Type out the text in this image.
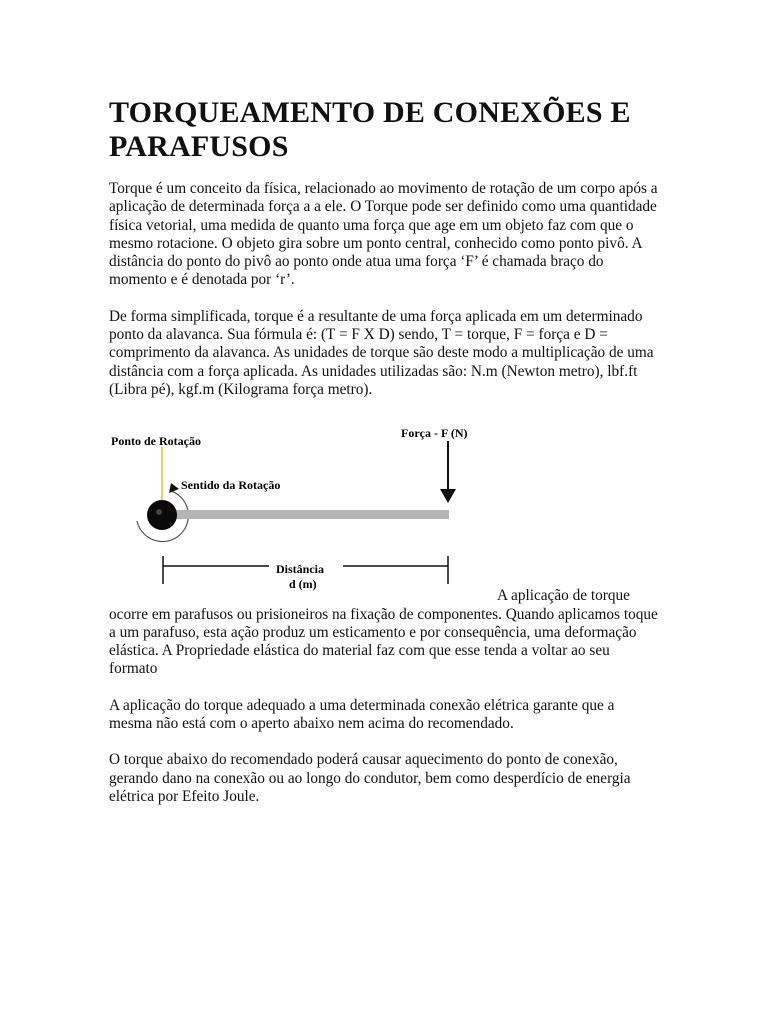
TORQUEAMENTO DE CONEXÕES E PARAFUSOS

Torque é um conceito da física, relacionado ao movimento de rotação de um corpo após a aplicação de determinada força a a ele. O Torque pode ser definido como uma quantidade física vetorial, uma medida de quanto uma força que age em um objeto faz com que o mesmo rotacione. O objeto gira sobre um ponto central, conhecido como ponto pivô. A distância do ponto do pivô ao ponto onde atua uma força ‘F’ é chamada braço do momento e é denotada por ‘r’.

De forma simplificada, torque é a resultante de uma força aplicada em um determinado ponto da alavanca. Sua fórmula é: (T = F X D) sendo, T = torque, F = força e D = comprimento da alavanca. As unidades de torque são deste modo a multiplicação de uma distância com a força aplicada. As unidades utilizadas são: N.m (Newton metro), lbf.ft (Libra pé), kgf.m (Kilograma força metro).

Ponto de Rotação
Sentido da Rotação
Força - F (N)
Distância
d (m)

A aplicação de torque
ocorre em parafusos ou prisioneiros na fixação de componentes. Quando aplicamos toque a um parafuso, esta ação produz um esticamento e por consequência, uma deformação elástica. A Propriedade elástica do material faz com que esse tenda a voltar ao seu formato

A aplicação do torque adequado a uma determinada conexão elétrica garante que a mesma não está com o aperto abaixo nem acima do recomendado.

O torque abaixo do recomendado poderá causar aquecimento do ponto de conexão, gerando dano na conexão ou ao longo do condutor, bem como desperdício de energia elétrica por Efeito Joule.
